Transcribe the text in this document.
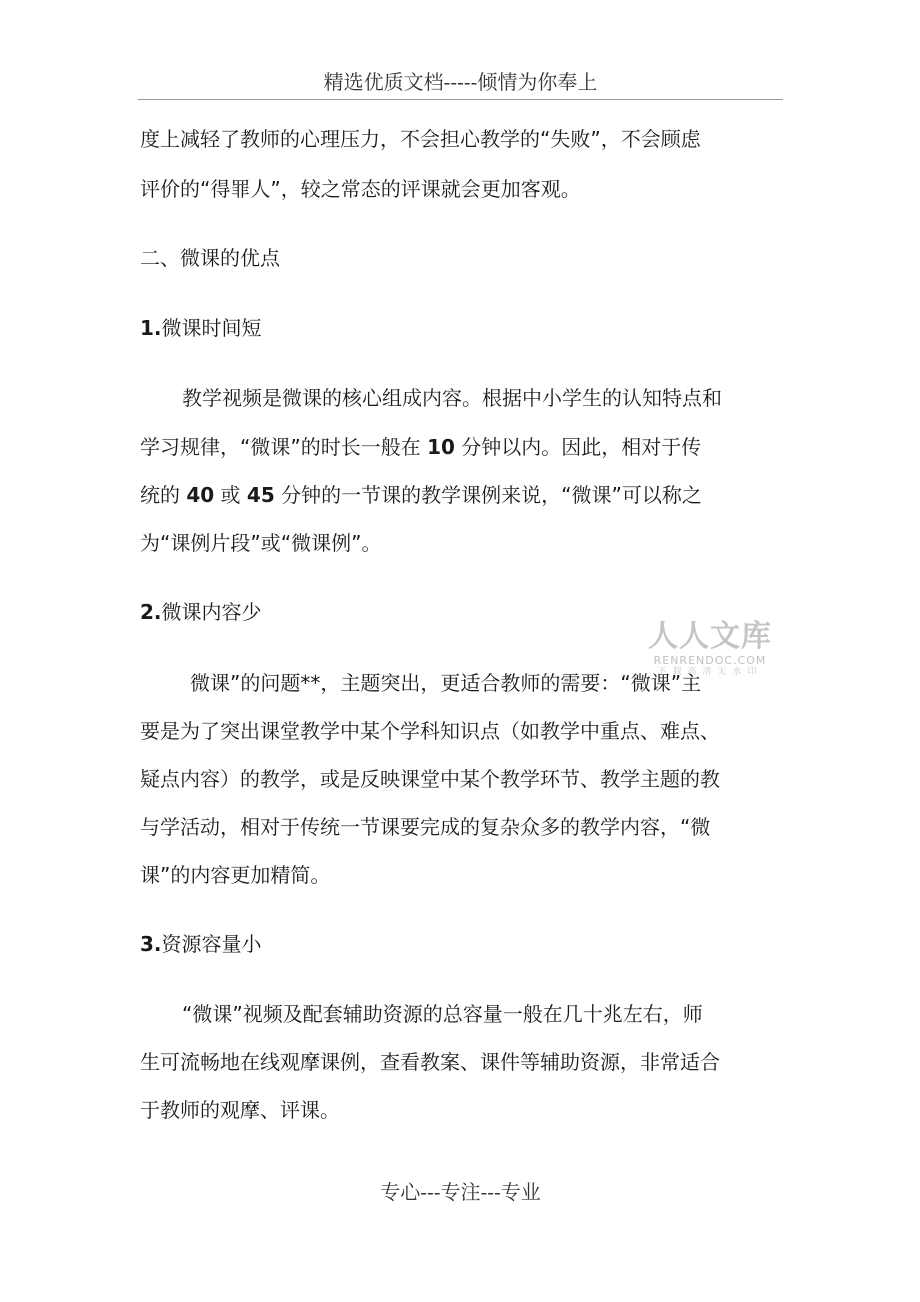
精选优质文档-----倾情为你奉上
度上减轻了教师的心理压力，不会担心教学的“失败”，不会顾虑
评价的“得罪人”，较之常态的评课就会更加客观。
二、微课的优点
1.微课时间短
教学视频是微课的核心组成内容。根据中小学生的认知特点和
学习规律，“微课”的时长一般在 10 分钟以内。因此，相对于传
统的 40 或 45 分钟的一节课的教学课例来说，“微课”可以称之
为“课例片段”或“微课例”。
2.微课内容少
微课”的问题**，主题突出，更适合教师的需要：“微课”主
要是为了突出课堂教学中某个学科知识点（如教学中重点、难点、
疑点内容）的教学，或是反映课堂中某个教学环节、教学主题的教
与学活动，相对于传统一节课要完成的复杂众多的教学内容，“微
课”的内容更加精简。
3.资源容量小
“微课”视频及配套辅助资源的总容量一般在几十兆左右，师
生可流畅地在线观摩课例，查看教案、课件等辅助资源，非常适合
于教师的观摩、评课。
人人文库
RENRENDOC.COM
下载高清无水印
专心---专注---专业
